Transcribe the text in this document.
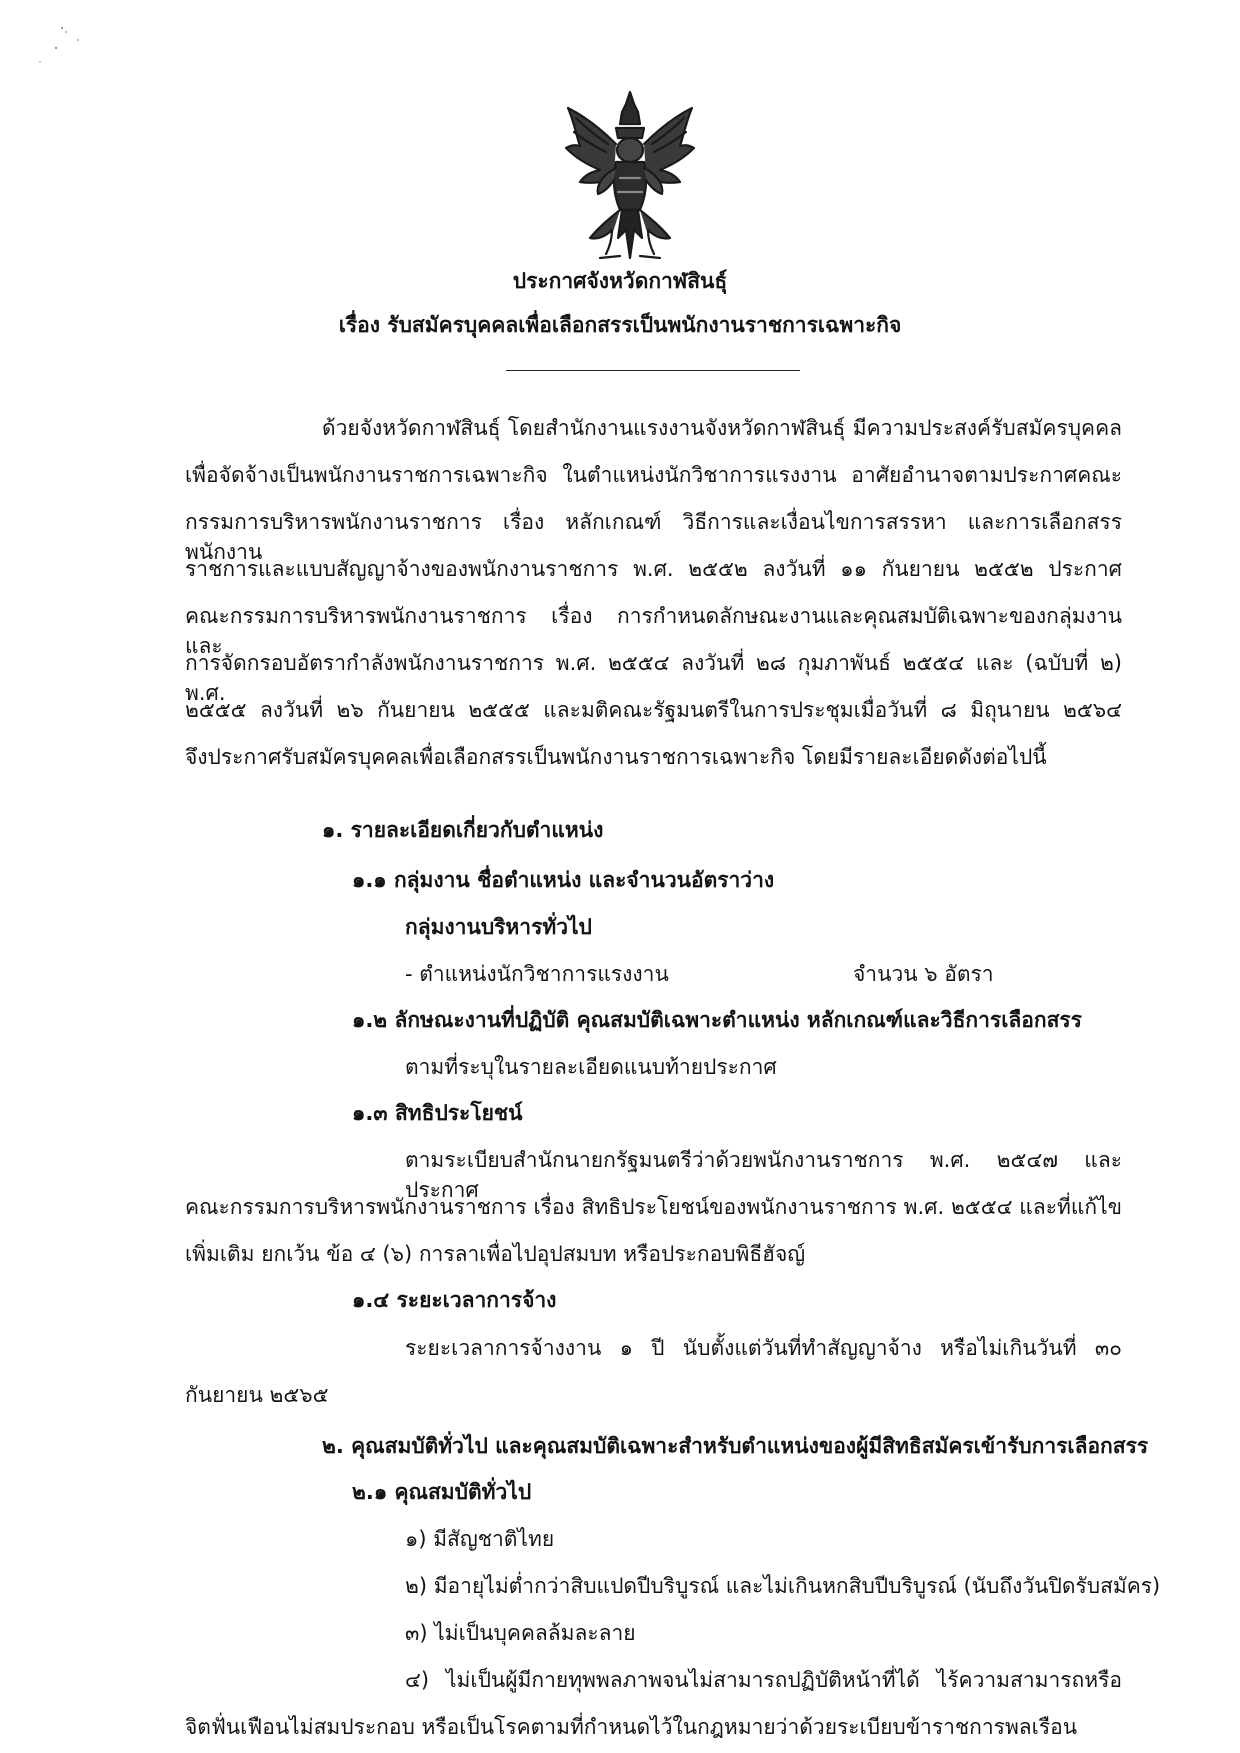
ประกาศจังหวัดกาฬสินธุ์
เรื่อง รับสมัครบุคคลเพื่อเลือกสรรเป็นพนักงานราชการเฉพาะกิจ
ด้วยจังหวัดกาฬสินธุ์ โดยสำนักงานแรงงานจังหวัดกาฬสินธุ์ มีความประสงค์รับสมัครบุคคล
เพื่อจัดจ้างเป็นพนักงานราชการเฉพาะกิจ ในตำแหน่งนักวิชาการแรงงาน อาศัยอำนาจตามประกาศคณะ
กรรมการบริหารพนักงานราชการ เรื่อง หลักเกณฑ์ วิธีการและเงื่อนไขการสรรหา และการเลือกสรรพนักงาน
ราชการและแบบสัญญาจ้างของพนักงานราชการ พ.ศ. ๒๕๕๒ ลงวันที่ ๑๑ กันยายน ๒๕๕๒ ประกาศ
คณะกรรมการบริหารพนักงานราชการ เรื่อง การกำหนดลักษณะงานและคุณสมบัติเฉพาะของกลุ่มงานและ
การจัดกรอบอัตรากำลังพนักงานราชการ พ.ศ. ๒๕๕๔ ลงวันที่ ๒๘ กุมภาพันธ์ ๒๕๕๔ และ (ฉบับที่ ๒) พ.ศ.
๒๕๕๕ ลงวันที่ ๒๖ กันยายน ๒๕๕๕ และมติคณะรัฐมนตรีในการประชุมเมื่อวันที่ ๘ มิถุนายน ๒๕๖๔
จึงประกาศรับสมัครบุคคลเพื่อเลือกสรรเป็นพนักงานราชการเฉพาะกิจ โดยมีรายละเอียดดังต่อไปนี้
๑. รายละเอียดเกี่ยวกับตำแหน่ง
๑.๑ กลุ่มงาน ชื่อตำแหน่ง และจำนวนอัตราว่าง
กลุ่มงานบริหารทั่วไป
- ตำแหน่งนักวิชาการแรงงาน	จำนวน ๖ อัตรา
๑.๒ ลักษณะงานที่ปฏิบัติ คุณสมบัติเฉพาะตำแหน่ง หลักเกณฑ์และวิธีการเลือกสรร
ตามที่ระบุในรายละเอียดแนบท้ายประกาศ
๑.๓ สิทธิประโยชน์
ตามระเบียบสำนักนายกรัฐมนตรีว่าด้วยพนักงานราชการ พ.ศ. ๒๕๔๗ และประกาศ
คณะกรรมการบริหารพนักงานราชการ เรื่อง สิทธิประโยชน์ของพนักงานราชการ พ.ศ. ๒๕๕๔ และที่แก้ไข
เพิ่มเติม ยกเว้น ข้อ ๔ (๖) การลาเพื่อไปอุปสมบท หรือประกอบพิธีฮัจญ์
๑.๔ ระยะเวลาการจ้าง
ระยะเวลาการจ้างงาน ๑ ปี นับตั้งแต่วันที่ทำสัญญาจ้าง หรือไม่เกินวันที่ ๓๐
กันยายน ๒๕๖๕
๒. คุณสมบัติทั่วไป และคุณสมบัติเฉพาะสำหรับตำแหน่งของผู้มีสิทธิสมัครเข้ารับการเลือกสรร
๒.๑ คุณสมบัติทั่วไป
๑) มีสัญชาติไทย
๒) มีอายุไม่ต่ำกว่าสิบแปดปีบริบูรณ์ และไม่เกินหกสิบปีบริบูรณ์ (นับถึงวันปิดรับสมัคร)
๓) ไม่เป็นบุคคลล้มละลาย
๔) ไม่เป็นผู้มีกายทุพพลภาพจนไม่สามารถปฏิบัติหน้าที่ได้ ไร้ความสามารถหรือ
จิตฟั่นเฟือนไม่สมประกอบ หรือเป็นโรคตามที่กำหนดไว้ในกฎหมายว่าด้วยระเบียบข้าราชการพลเรือน
